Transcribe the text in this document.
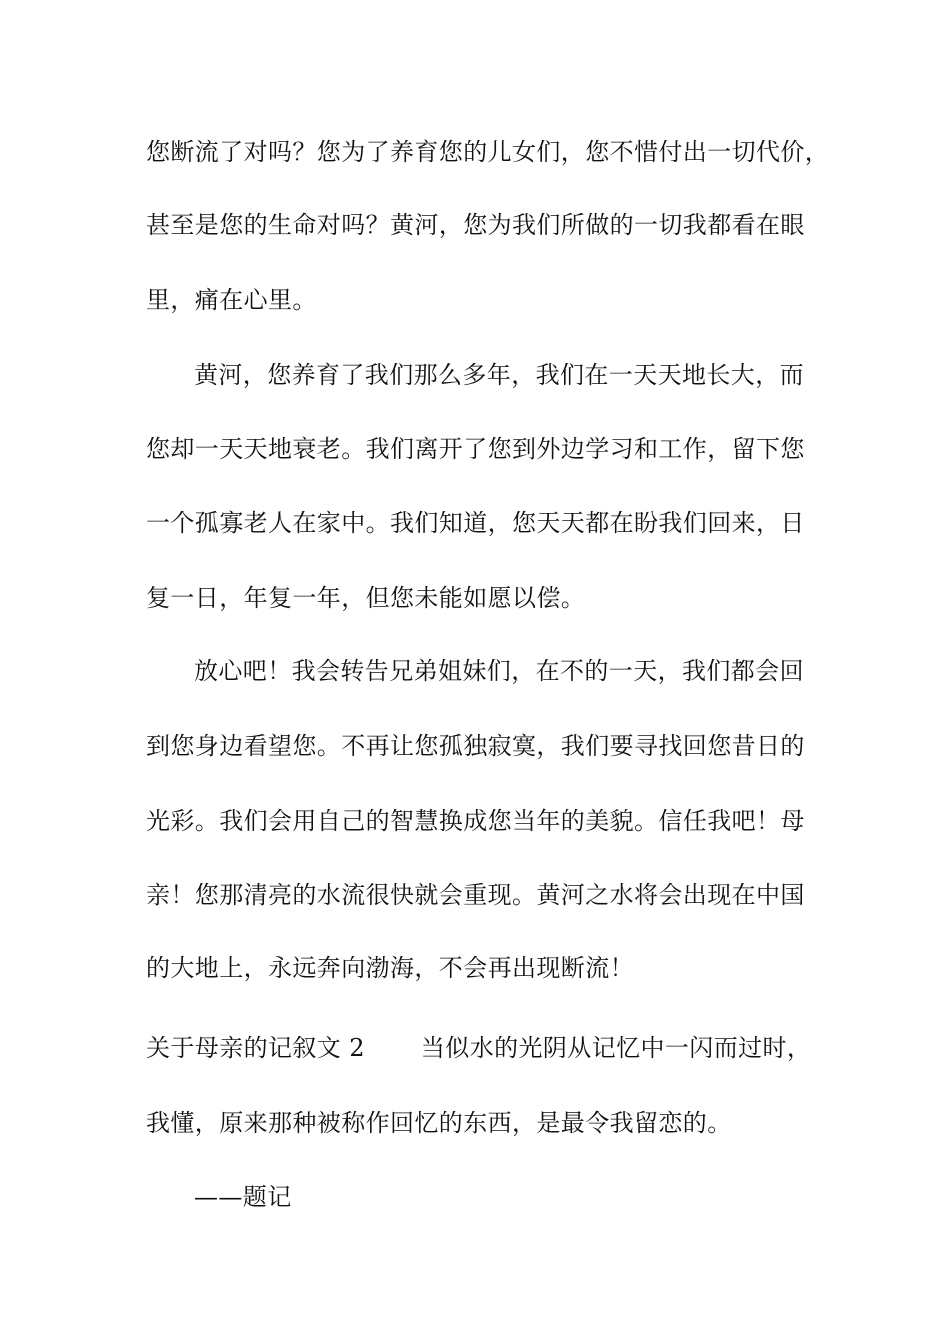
您断流了对吗？您为了养育您的儿女们，您不惜付出一切代价，
甚至是您的生命对吗？黄河，您为我们所做的一切我都看在眼
里，痛在心里。
黄河，您养育了我们那么多年，我们在一天天地长大，而
您却一天天地衰老。我们离开了您到外边学习和工作，留下您
一个孤寡老人在家中。我们知道，您天天都在盼我们回来，日
复一日，年复一年，但您未能如愿以偿。
放心吧！我会转告兄弟姐妹们，在不的一天，我们都会回
到您身边看望您。不再让您孤独寂寞，我们要寻找回您昔日的
光彩。我们会用自己的智慧换成您当年的美貌。信任我吧！母
亲！您那清亮的水流很快就会重现。黄河之水将会出现在中国
的大地上，永远奔向渤海，不会再出现断流！
关于母亲的记叙文 2 当似水的光阴从记忆中一闪而过时，
我懂，原来那种被称作回忆的东西，是最令我留恋的。
——题记
